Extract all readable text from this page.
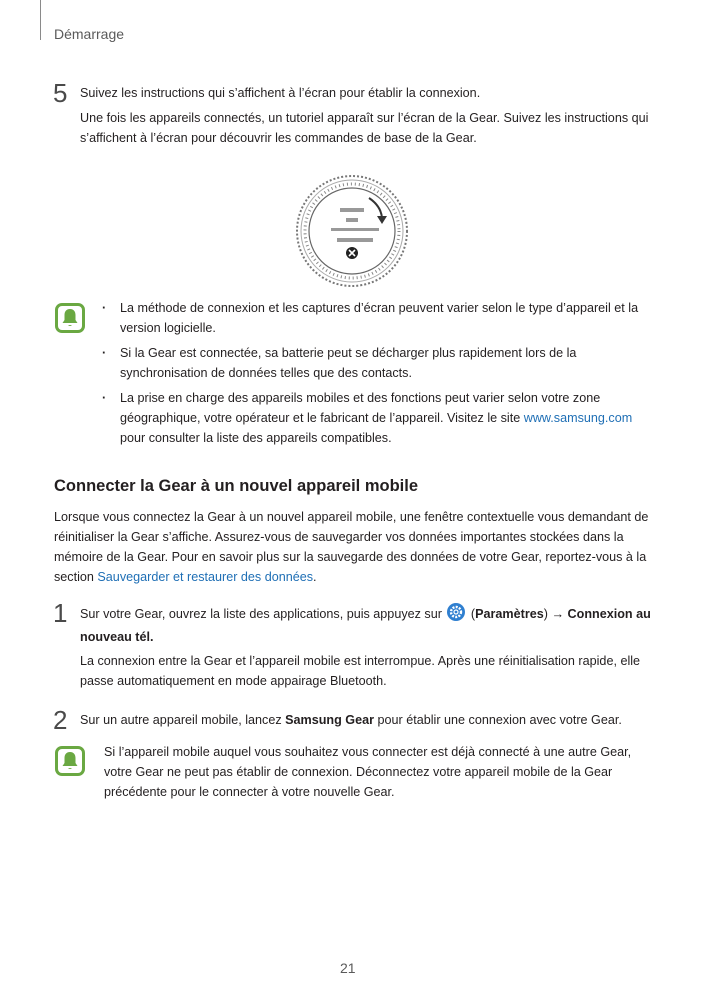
Démarrage
5 Suivez les instructions qui s’affichent à l’écran pour établir la connexion.
Une fois les appareils connectés, un tutoriel apparaît sur l’écran de la Gear. Suivez les instructions qui s’affichent à l’écran pour découvrir les commandes de base de la Gear.
· La méthode de connexion et les captures d’écran peuvent varier selon le type d’appareil et la version logicielle.
· Si la Gear est connectée, sa batterie peut se décharger plus rapidement lors de la synchronisation de données telles que des contacts.
· La prise en charge des appareils mobiles et des fonctions peut varier selon votre zone géographique, votre opérateur et le fabricant de l’appareil. Visitez le site www.samsung.com pour consulter la liste des appareils compatibles.
Connecter la Gear à un nouvel appareil mobile
Lorsque vous connectez la Gear à un nouvel appareil mobile, une fenêtre contextuelle vous demandant de réinitialiser la Gear s’affiche. Assurez-vous de sauvegarder vos données importantes stockées dans la mémoire de la Gear. Pour en savoir plus sur la sauvegarde des données de votre Gear, reportez-vous à la section Sauvegarder et restaurer des données.
1 Sur votre Gear, ouvrez la liste des applications, puis appuyez sur  (Paramètres) → Connexion au nouveau tél.
La connexion entre la Gear et l’appareil mobile est interrompue. Après une réinitialisation rapide, elle passe automatiquement en mode appairage Bluetooth.
2 Sur un autre appareil mobile, lancez Samsung Gear pour établir une connexion avec votre Gear.
Si l’appareil mobile auquel vous souhaitez vous connecter est déjà connecté à une autre Gear, votre Gear ne peut pas établir de connexion. Déconnectez votre appareil mobile de la Gear précédente pour le connecter à votre nouvelle Gear.
21
